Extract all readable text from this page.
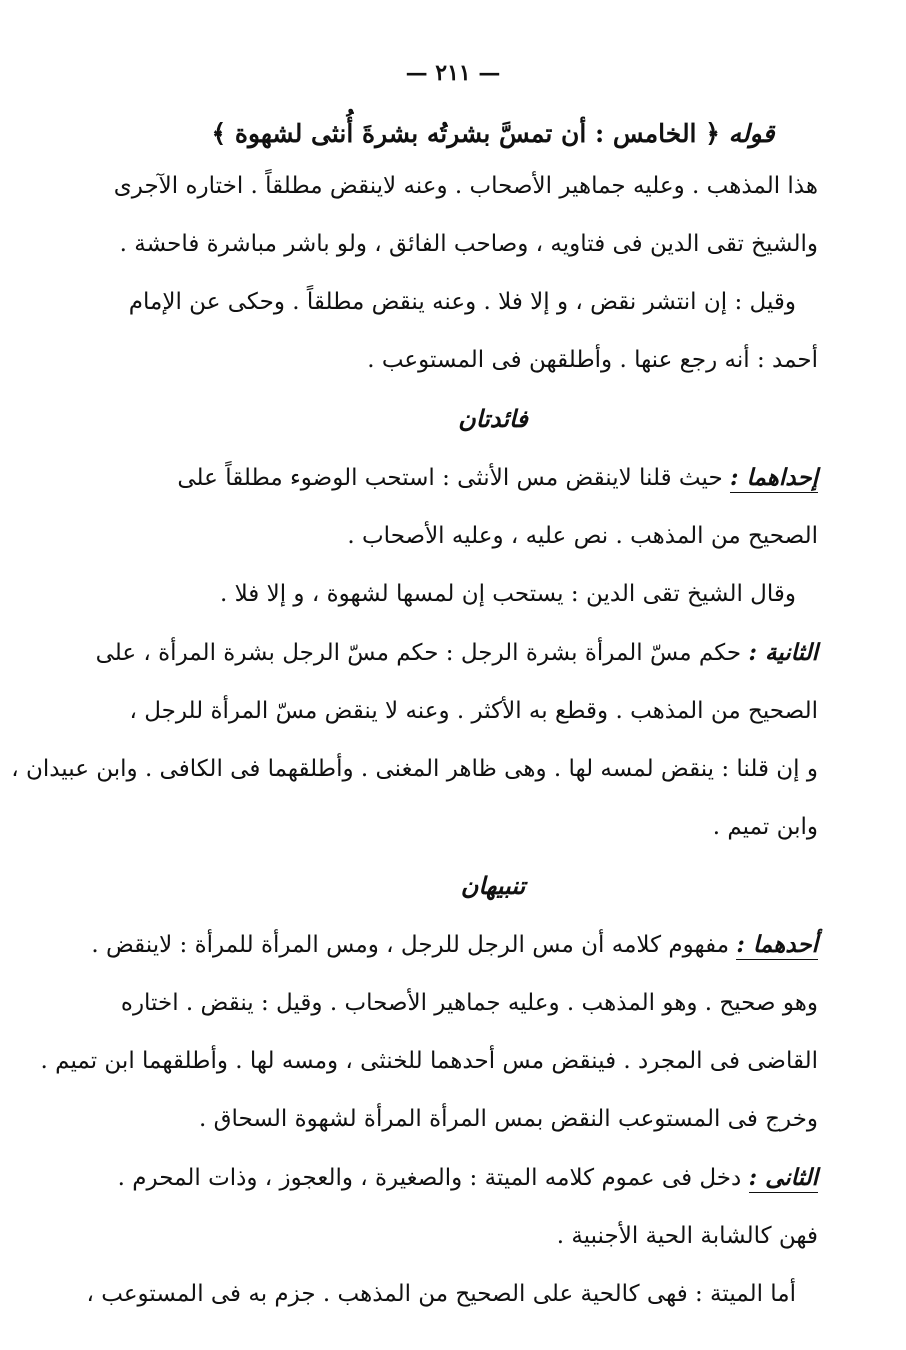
— ٢١١ —

قوله ﴿ الخامس : أن تمسَّ بشرتُه بشرةَ أُنثى لشهوة ﴾

هذا المذهب . وعليه جماهير الأصحاب . وعنه لاينقض مطلقاً . اختاره الآجرى

والشيخ تقى الدين فى فتاويه ، وصاحب الفائق ، ولو باشر مباشرة فاحشة .

وقيل : إن انتشر نقض ، و إلا فلا . وعنه ينقض مطلقاً . وحكى عن الإمام

أحمد : أنه رجع عنها . وأطلقهن فى المستوعب .

فائدتان

إحداهما : حيث قلنا لاينقض مس الأنثى : استحب الوضوء مطلقاً على

الصحيح من المذهب . نص عليه ، وعليه الأصحاب .

وقال الشيخ تقى الدين : يستحب إن لمسها لشهوة ، و إلا فلا .

الثانية : حكم مسّ المرأة بشرة الرجل : حكم مسّ الرجل بشرة المرأة ، على

الصحيح من المذهب . وقطع به الأكثر . وعنه لا ينقض مسّ المرأة للرجل ،

و إن قلنا : ينقض لمسه لها . وهى ظاهر المغنى . وأطلقهما فى الكافى . وابن عبيدان ،

وابن تميم .

تنبيهان

أحدهما : مفهوم كلامه أن مس الرجل للرجل ، ومس المرأة للمرأة : لاينقض .

وهو صحيح . وهو المذهب . وعليه جماهير الأصحاب . وقيل : ينقض . اختاره

القاضى فى المجرد . فينقض مس أحدهما للخنثى ، ومسه لها . وأطلقهما ابن تميم .

وخرج فى المستوعب النقض بمس المرأة المرأة لشهوة السحاق .

الثانى : دخل فى عموم كلامه الميتة : والصغيرة ، والعجوز ، وذات المحرم .

فهن كالشابة الحية الأجنبية .

أما الميتة : فهى كالحية على الصحيح من المذهب . جزم به فى المستوعب ،
